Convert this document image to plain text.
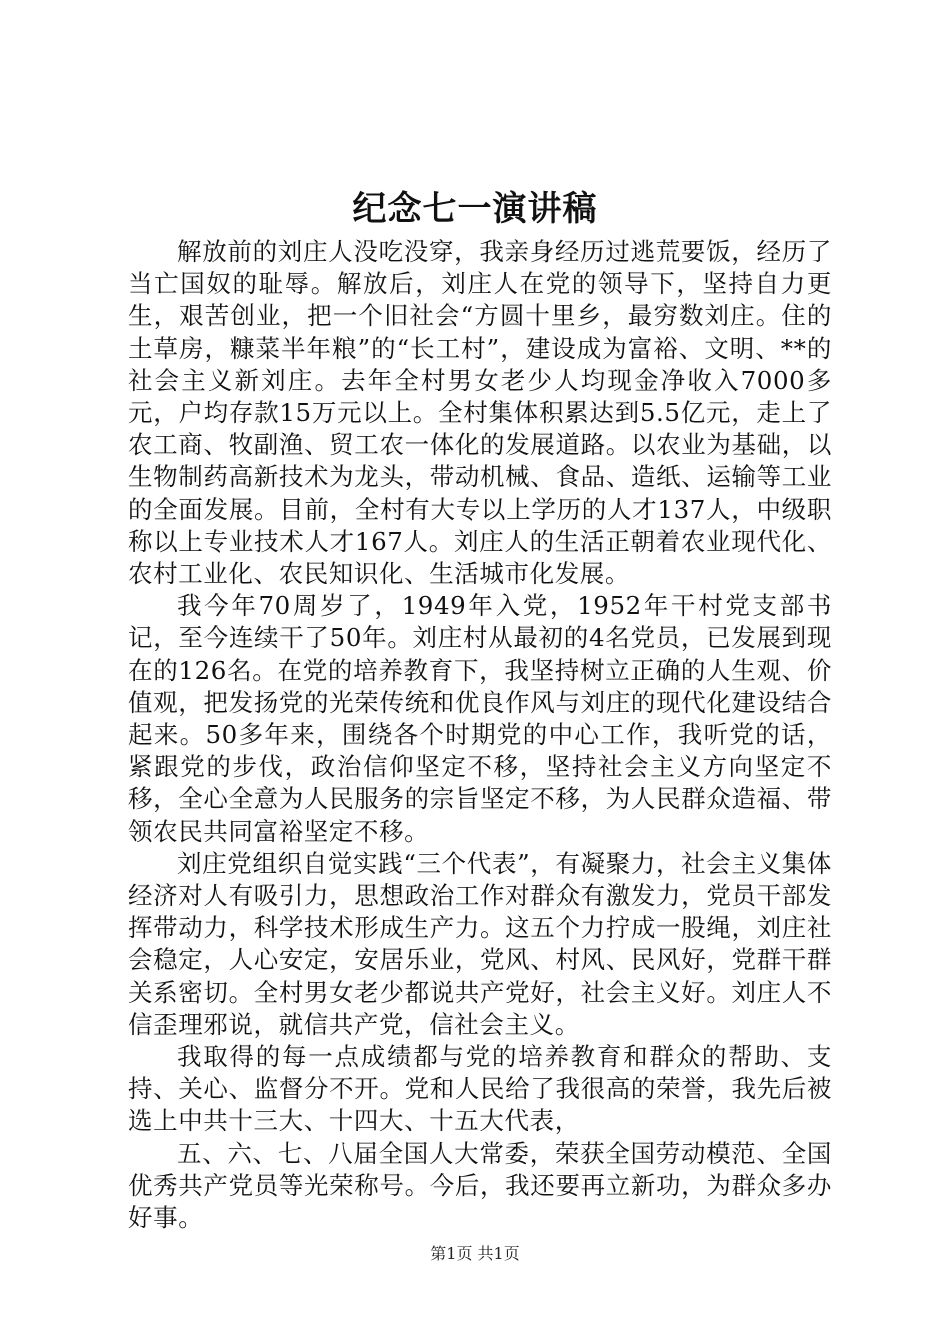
纪念七一演讲稿

解放前的刘庄人没吃没穿，我亲身经历过逃荒要饭，经历了当亡国奴的耻辱。解放后，刘庄人在党的领导下，坚持自力更生，艰苦创业，把一个旧社会“方圆十里乡，最穷数刘庄。住的土草房，糠菜半年粮”的“长工村”，建设成为富裕、文明、**的社会主义新刘庄。去年全村男女老少人均现金净收入7000多元，户均存款15万元以上。全村集体积累达到5.5亿元，走上了农工商、牧副渔、贸工农一体化的发展道路。以农业为基础，以生物制药高新技术为龙头，带动机械、食品、造纸、运输等工业的全面发展。目前，全村有大专以上学历的人才137人，中级职称以上专业技术人才167人。刘庄人的生活正朝着农业现代化、农村工业化、农民知识化、生活城市化发展。

我今年70周岁了，1949年入党，1952年干村党支部书记，至今连续干了50年。刘庄村从最初的4名党员，已发展到现在的126名。在党的培养教育下，我坚持树立正确的人生观、价值观，把发扬党的光荣传统和优良作风与刘庄的现代化建设结合起来。50多年来，围绕各个时期党的中心工作，我听党的话，紧跟党的步伐，政治信仰坚定不移，坚持社会主义方向坚定不移，全心全意为人民服务的宗旨坚定不移，为人民群众造福、带领农民共同富裕坚定不移。

刘庄党组织自觉实践“三个代表”，有凝聚力，社会主义集体经济对人有吸引力，思想政治工作对群众有激发力，党员干部发挥带动力，科学技术形成生产力。这五个力拧成一股绳，刘庄社会稳定，人心安定，安居乐业，党风、村风、民风好，党群干群关系密切。全村男女老少都说共产党好，社会主义好。刘庄人不信歪理邪说，就信共产党，信社会主义。

我取得的每一点成绩都与党的培养教育和群众的帮助、支持、关心、监督分不开。党和人民给了我很高的荣誉，我先后被选上中共十三大、十四大、十五大代表，

五、六、七、八届全国人大常委，荣获全国劳动模范、全国优秀共产党员等光荣称号。今后，我还要再立新功，为群众多办好事。

第1页 共1页
